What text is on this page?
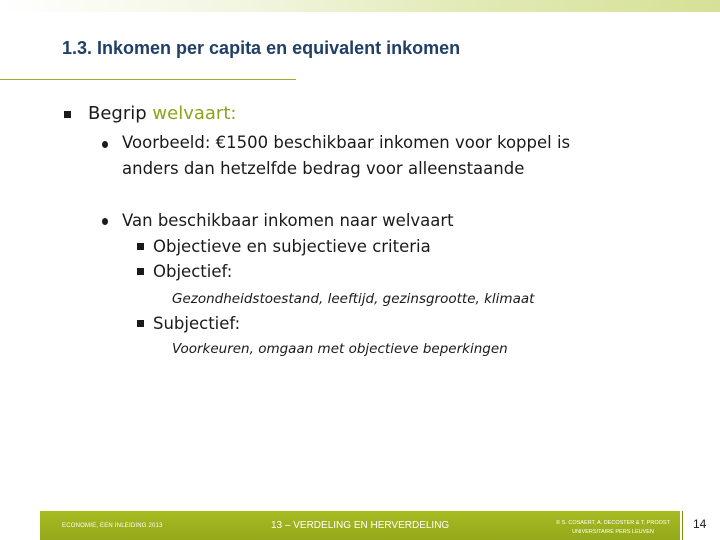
1.3. Inkomen per capita en equivalent inkomen
Begrip welvaart:
Voorbeeld: €1500 beschikbaar inkomen voor koppel is
anders dan hetzelfde bedrag voor alleenstaande
Van beschikbaar inkomen naar welvaart
Objectieve en subjectieve criteria
Objectief:
Gezondheidstoestand, leeftijd, gezinsgrootte, klimaat
Subjectief:
Voorkeuren, omgaan met objectieve beperkingen
ECONOMIE, EEN INLEIDING 2013	13 – VERDELING EN HERVERDELING	© S. COSAERT, A. DECOSTER & T. PROOST
UNIVERSITAIRE PERS LEUVEN
14
